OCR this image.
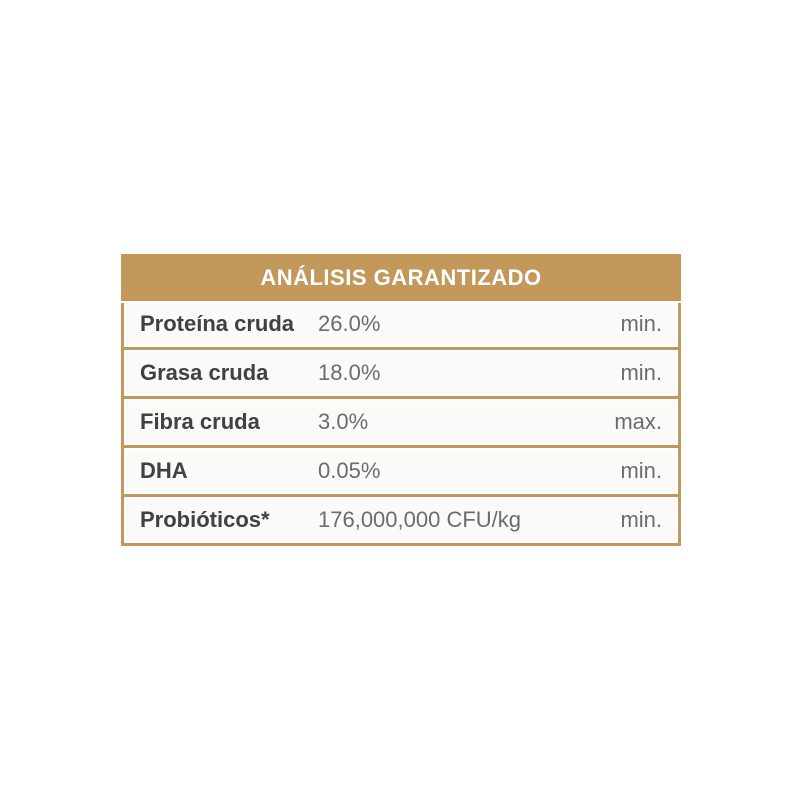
ANÁLISIS GARANTIZADO
Proteína cruda	26.0%	min.
Grasa cruda	18.0%	min.
Fibra cruda	3.0%	max.
DHA	0.05%	min.
Probióticos*	176,000,000 CFU/kg	min.
